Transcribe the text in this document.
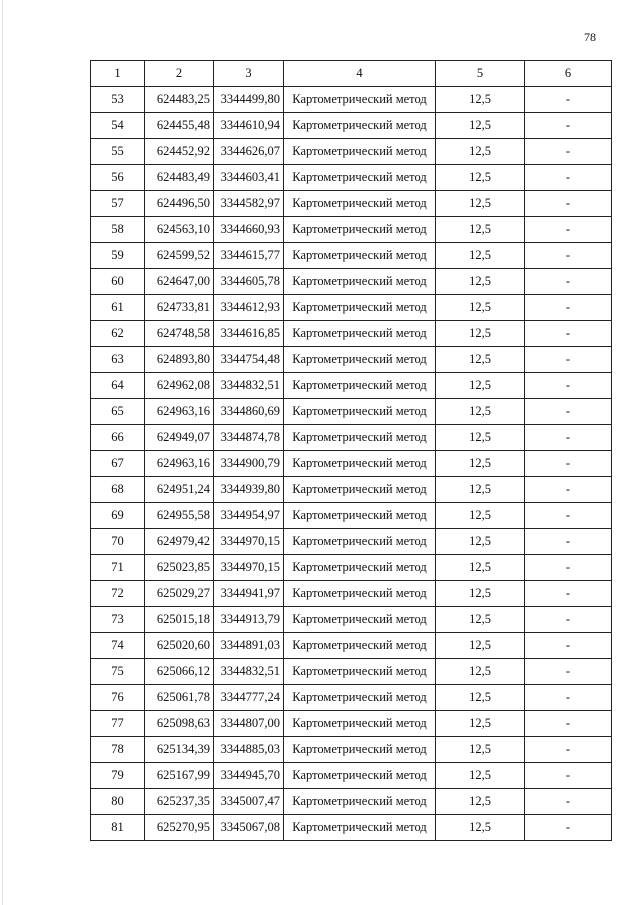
78
1	2	3	4	5	6
53	624483,25	3344499,80	Картометрический метод	12,5	-
54	624455,48	3344610,94	Картометрический метод	12,5	-
55	624452,92	3344626,07	Картометрический метод	12,5	-
56	624483,49	3344603,41	Картометрический метод	12,5	-
57	624496,50	3344582,97	Картометрический метод	12,5	-
58	624563,10	3344660,93	Картометрический метод	12,5	-
59	624599,52	3344615,77	Картометрический метод	12,5	-
60	624647,00	3344605,78	Картометрический метод	12,5	-
61	624733,81	3344612,93	Картометрический метод	12,5	-
62	624748,58	3344616,85	Картометрический метод	12,5	-
63	624893,80	3344754,48	Картометрический метод	12,5	-
64	624962,08	3344832,51	Картометрический метод	12,5	-
65	624963,16	3344860,69	Картометрический метод	12,5	-
66	624949,07	3344874,78	Картометрический метод	12,5	-
67	624963,16	3344900,79	Картометрический метод	12,5	-
68	624951,24	3344939,80	Картометрический метод	12,5	-
69	624955,58	3344954,97	Картометрический метод	12,5	-
70	624979,42	3344970,15	Картометрический метод	12,5	-
71	625023,85	3344970,15	Картометрический метод	12,5	-
72	625029,27	3344941,97	Картометрический метод	12,5	-
73	625015,18	3344913,79	Картометрический метод	12,5	-
74	625020,60	3344891,03	Картометрический метод	12,5	-
75	625066,12	3344832,51	Картометрический метод	12,5	-
76	625061,78	3344777,24	Картометрический метод	12,5	-
77	625098,63	3344807,00	Картометрический метод	12,5	-
78	625134,39	3344885,03	Картометрический метод	12,5	-
79	625167,99	3344945,70	Картометрический метод	12,5	-
80	625237,35	3345007,47	Картометрический метод	12,5	-
81	625270,95	3345067,08	Картометрический метод	12,5	-
